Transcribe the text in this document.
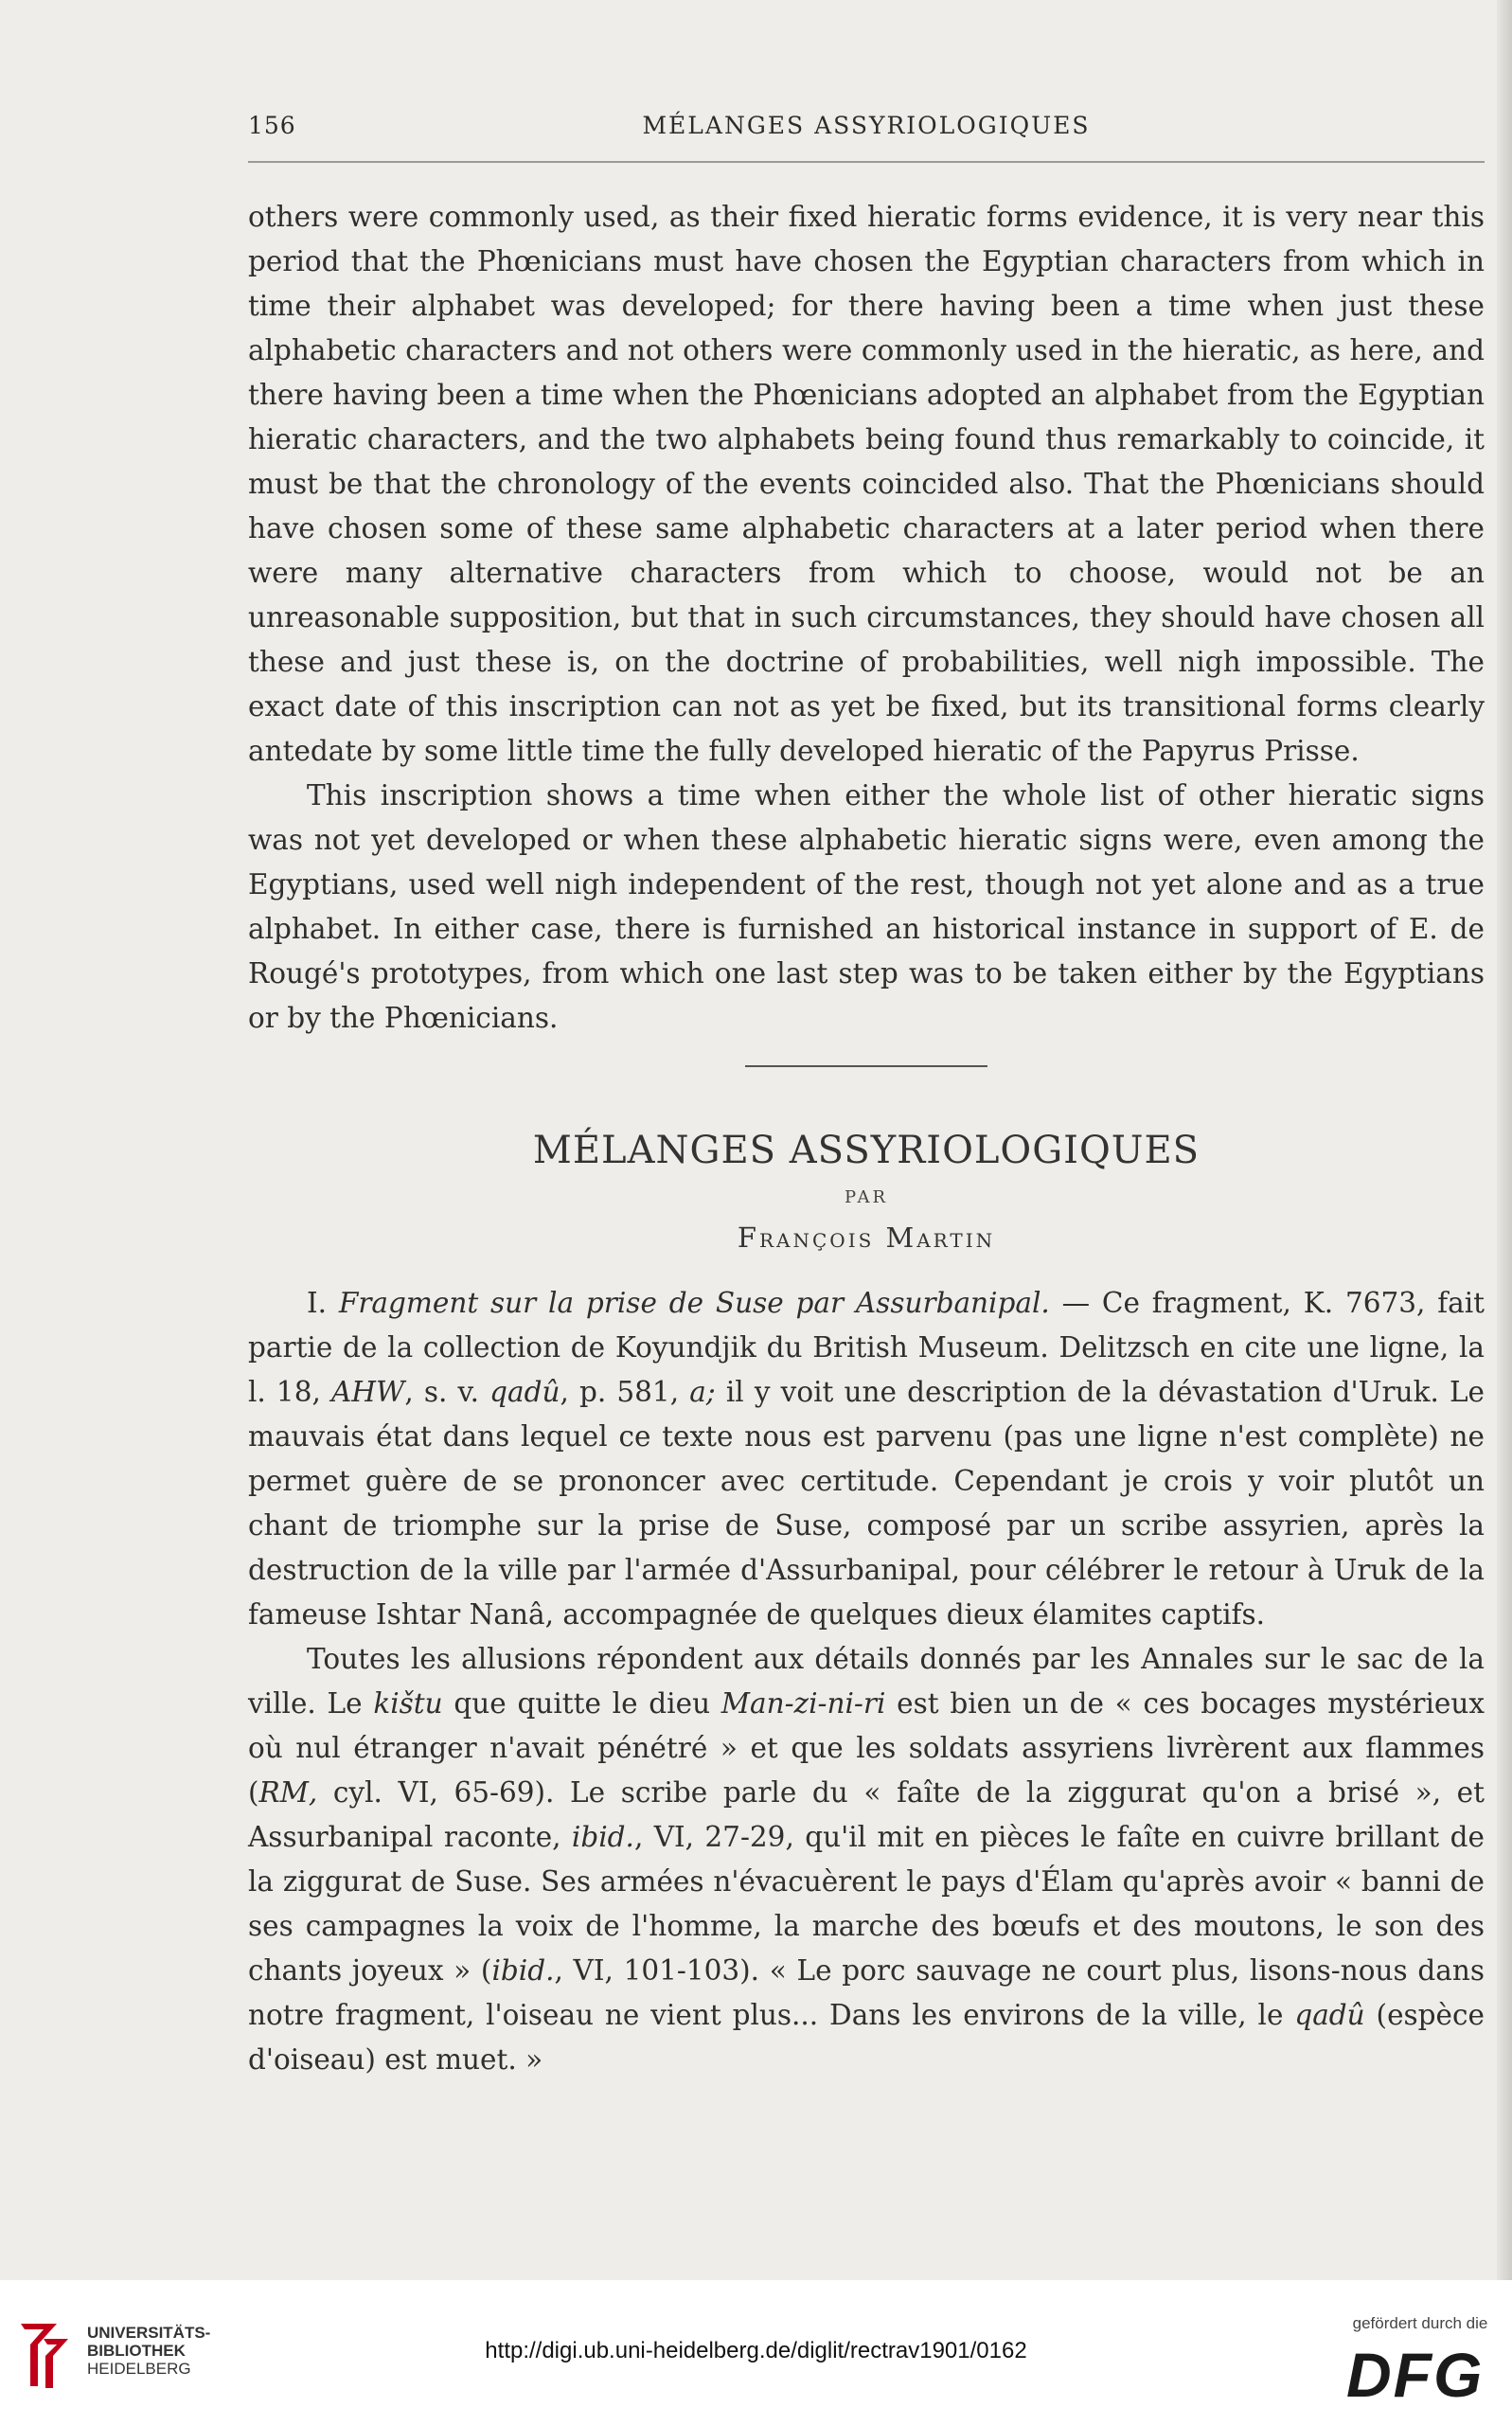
156	MÉLANGES ASSYRIOLOGIQUES

others were commonly used, as their fixed hieratic forms evidence, it is very near this period that the Phœnicians must have chosen the Egyptian characters from which in time their alphabet was developed; for there having been a time when just these alphabetic characters and not others were commonly used in the hieratic, as here, and there having been a time when the Phœnicians adopted an alphabet from the Egyptian hieratic characters, and the two alphabets being found thus remarkably to coincide, it must be that the chronology of the events coincided also. That the Phœnicians should have chosen some of these same alphabetic characters at a later period when there were many alternative characters from which to choose, would not be an unreasonable supposition, but that in such circumstances, they should have chosen all these and just these is, on the doctrine of probabilities, well nigh impossible. The exact date of this inscription can not as yet be fixed, but its transitional forms clearly antedate by some little time the fully developed hieratic of the Papyrus Prisse.

This inscription shows a time when either the whole list of other hieratic signs was not yet developed or when these alphabetic hieratic signs were, even among the Egyptians, used well nigh independent of the rest, though not yet alone and as a true alphabet. In either case, there is furnished an historical instance in support of E. de Rougé's prototypes, from which one last step was to be taken either by the Egyptians or by the Phœnicians.

MÉLANGES ASSYRIOLOGIQUES
PAR
François Martin

I. Fragment sur la prise de Suse par Assurbanipal. — Ce fragment, K. 7673, fait partie de la collection de Koyundjik du British Museum. Delitzsch en cite une ligne, la l. 18, AHW, s. v. qadû, p. 581, a; il y voit une description de la dévastation d'Uruk. Le mauvais état dans lequel ce texte nous est parvenu (pas une ligne n'est complète) ne permet guère de se prononcer avec certitude. Cependant je crois y voir plutôt un chant de triomphe sur la prise de Suse, composé par un scribe assyrien, après la destruction de la ville par l'armée d'Assurbanipal, pour célébrer le retour à Uruk de la fameuse Ishtar Nanâ, accompagnée de quelques dieux élamites captifs.

Toutes les allusions répondent aux détails donnés par les Annales sur le sac de la ville. Le kištu que quitte le dieu Man-zi-ni-ri est bien un de « ces bocages mystérieux où nul étranger n'avait pénétré » et que les soldats assyriens livrèrent aux flammes (RM, cyl. VI, 65-69). Le scribe parle du « faîte de la ziggurat qu'on a brisé », et Assurbanipal raconte, ibid., VI, 27-29, qu'il mit en pièces le faîte en cuivre brillant de la ziggurat de Suse. Ses armées n'évacuèrent le pays d'Élam qu'après avoir « banni de ses campagnes la voix de l'homme, la marche des bœufs et des moutons, le son des chants joyeux » (ibid., VI, 101-103). « Le porc sauvage ne court plus, lisons-nous dans notre fragment, l'oiseau ne vient plus... Dans les environs de la ville, le qadû (espèce d'oiseau) est muet. »

UNIVERSITÄTS-
BIBLIOTHEK
HEIDELBERG
http://digi.ub.uni-heidelberg.de/diglit/rectrav1901/0162
gefördert durch die
DFG
